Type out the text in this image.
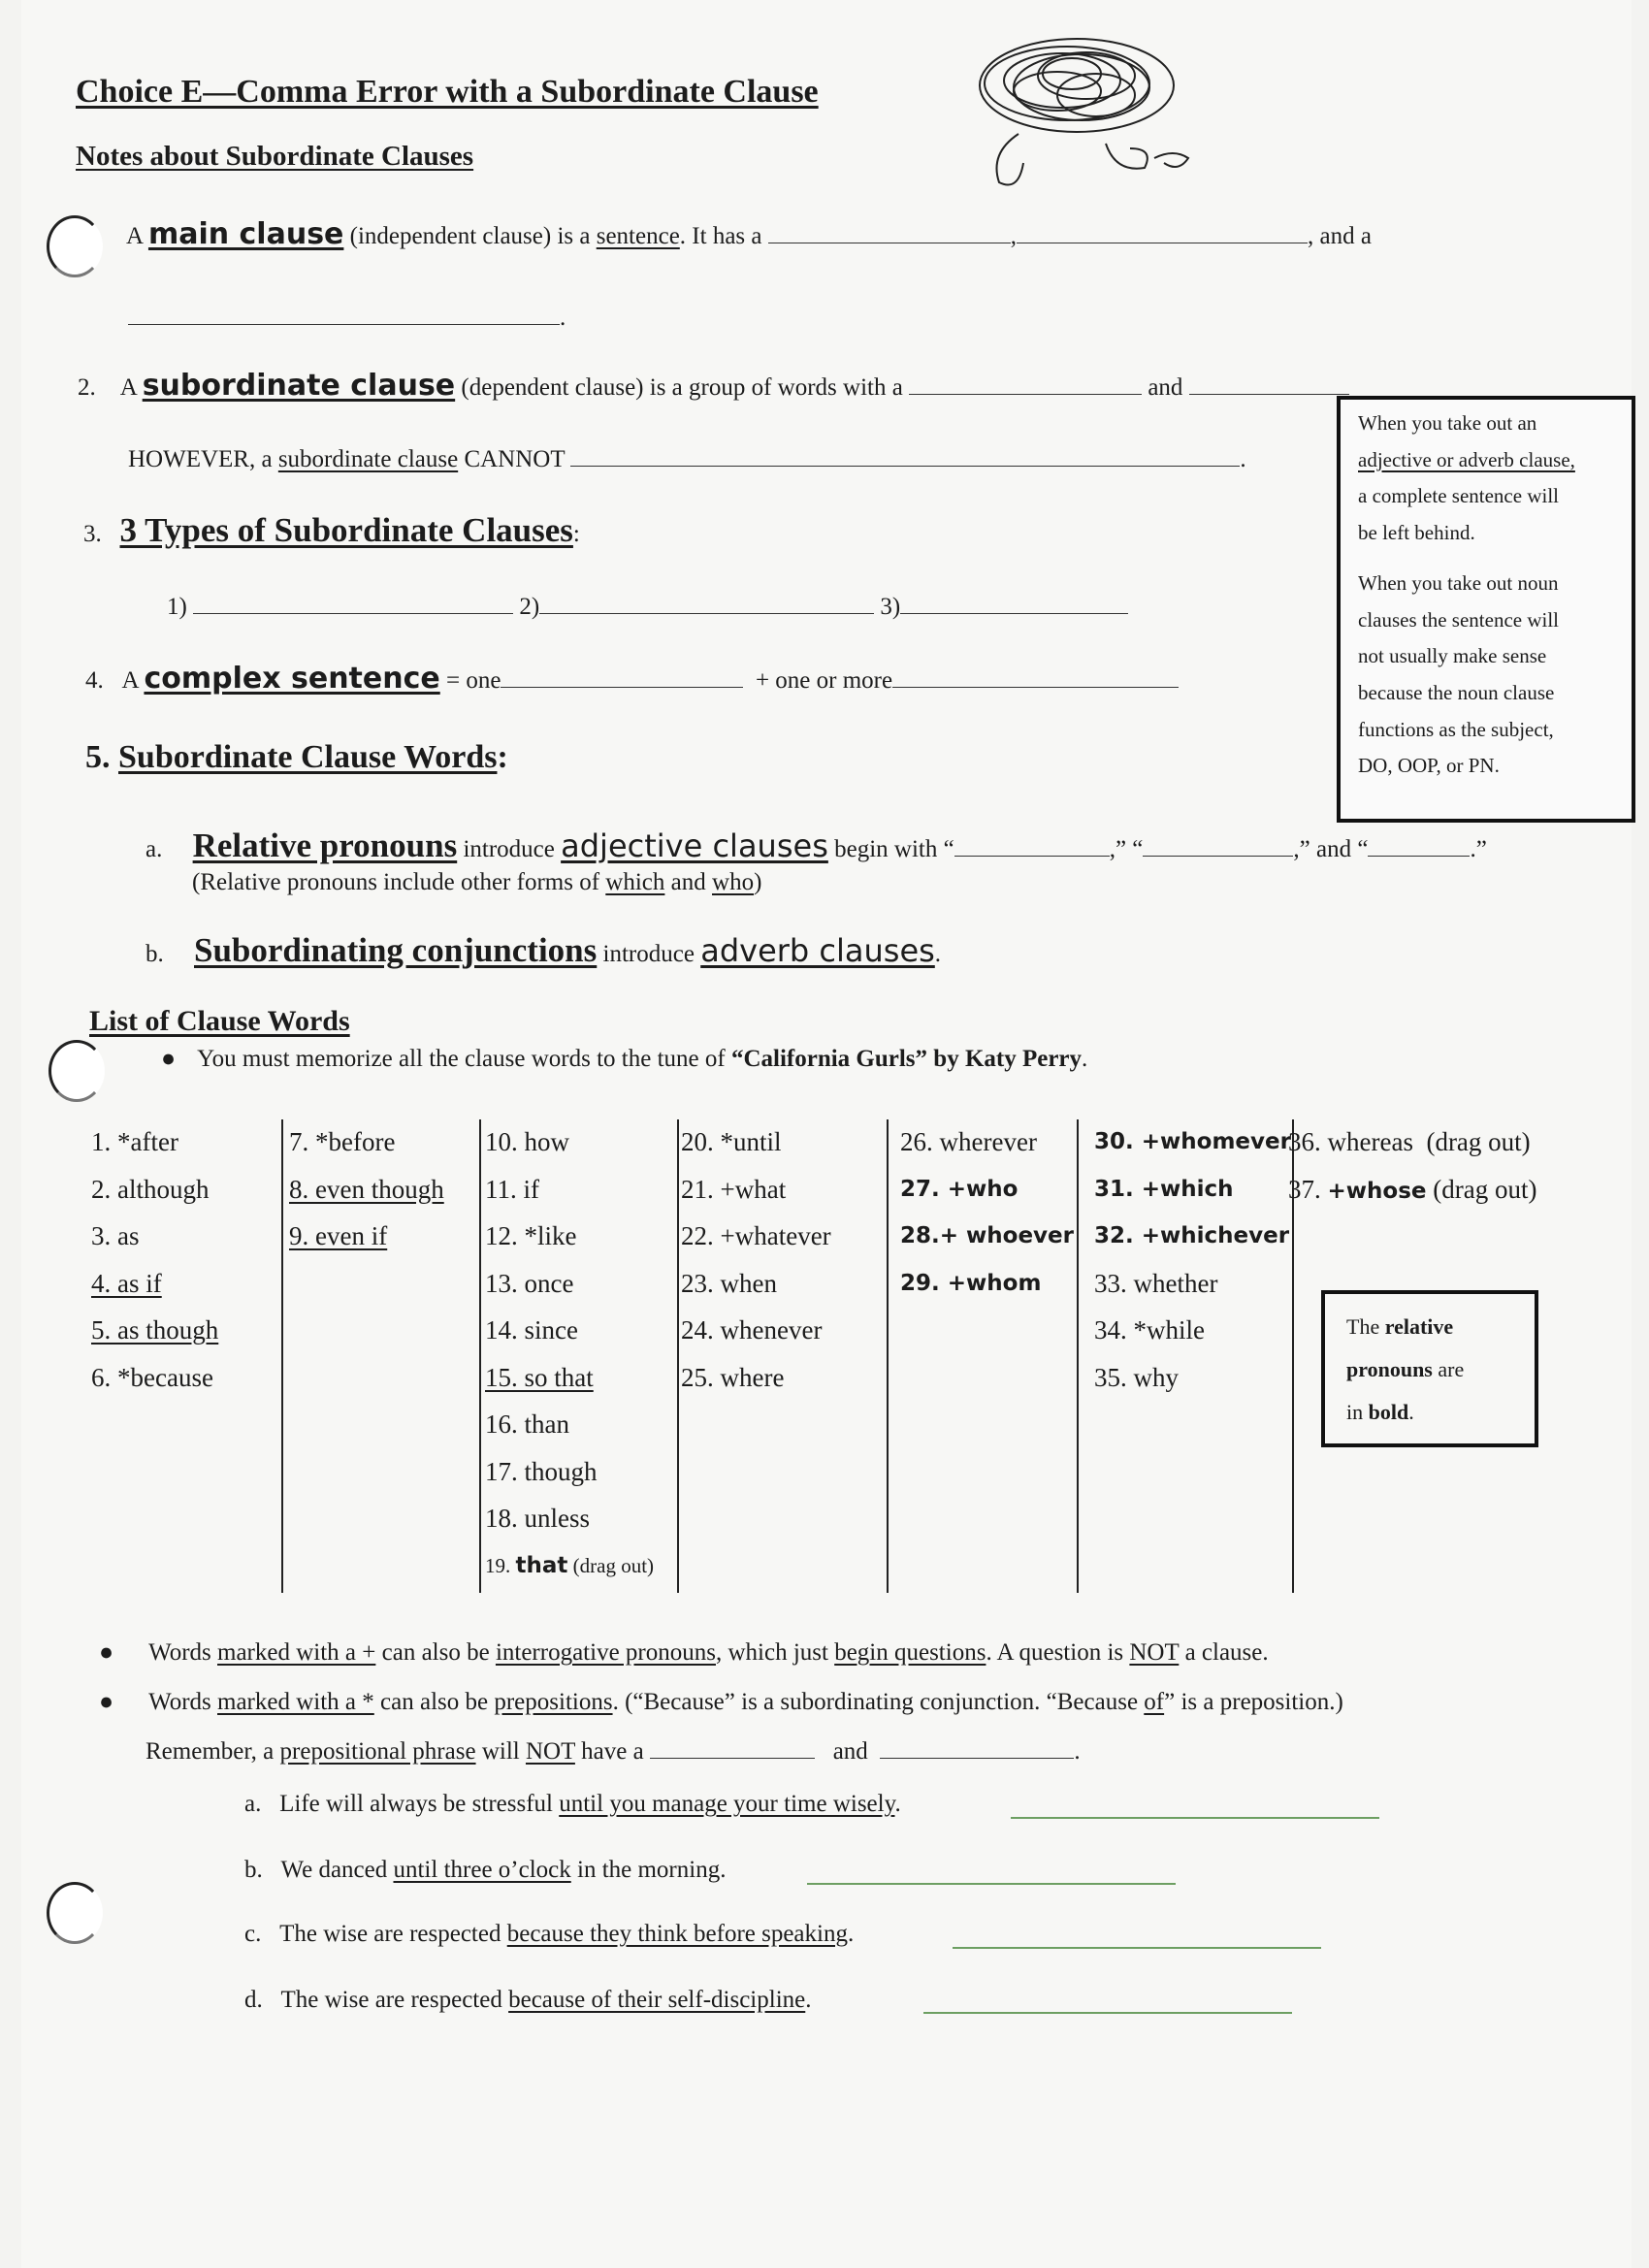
Choice E—Comma Error with a Subordinate Clause
Notes about Subordinate Clauses
A main clause (independent clause) is a sentence. It has a	,	, and a
.
2. A subordinate clause (dependent clause) is a group of words with a	and
HOWEVER, a subordinate clause CANNOT	.
3. 3 Types of Subordinate Clauses:
1)	2)	3)
4. A complex sentence = one	+ one or more
5. Subordinate Clause Words:
a. Relative pronouns introduce adjective clauses begin with “	,” “	,” and “	.”
(Relative pronouns include other forms of which and who)
b. Subordinating conjunctions introduce adverb clauses.
When you take out an
adjective or adverb clause,
a complete sentence will
be left behind.
When you take out noun
clauses the sentence will
not usually make sense
because the noun clause
functions as the subject,
DO, OOP, or PN.
List of Clause Words
● You must memorize all the clause words to the tune of “California Gurls” by Katy Perry.
1. *after
2. although
3. as
4. as if
5. as though
6. *because
7. *before
8. even though
9. even if
10. how
11. if
12. *like
13. once
14. since
15. so that
16. than
17. though
18. unless
19. that (drag out)
20. *until
21. +what
22. +whatever
23. when
24. whenever
25. where
26. wherever
27. +who
28.+ whoever
29. +whom
30. +whomever
31. +which
32. +whichever
33. whether
34. *while
35. why
36. whereas (drag out)
37. +whose (drag out)
The relative
pronouns are
in bold.
● Words marked with a + can also be interrogative pronouns, which just begin questions. A question is NOT a clause.
● Words marked with a * can also be prepositions. (“Because” is a subordinating conjunction. “Because of” is a preposition.)
Remember, a prepositional phrase will NOT have a	and	.
a. Life will always be stressful until you manage your time wisely.
b. We danced until three o’clock in the morning.
c. The wise are respected because they think before speaking.
d. The wise are respected because of their self-discipline.
